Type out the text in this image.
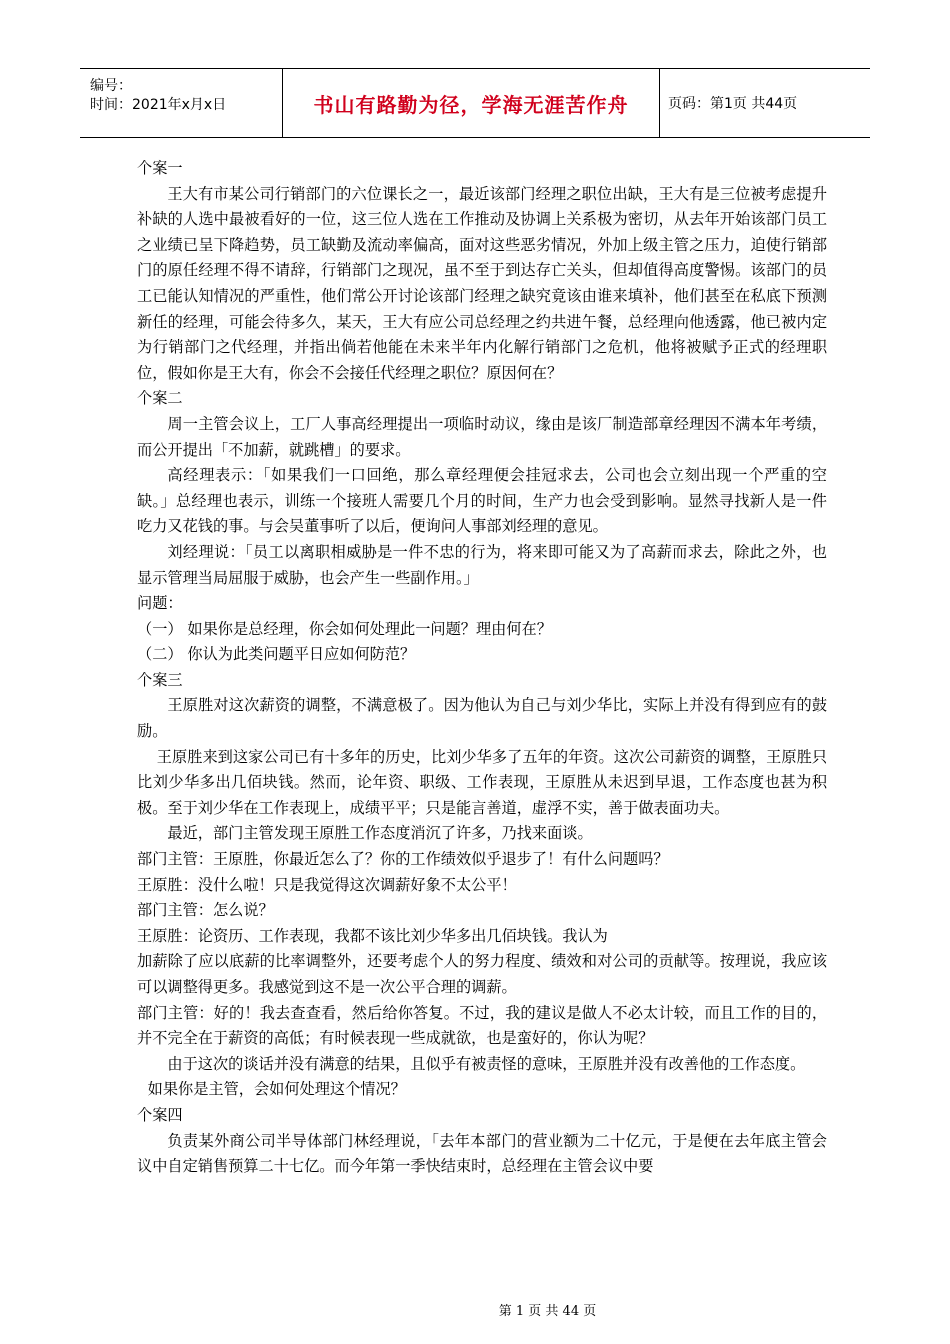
编号：
时间：2021年x月x日	书山有路勤为径，学海无涯苦作舟	页码：第1页 共44页

个案一

王大有市某公司行销部门的六位课长之一，最近该部门经理之职位出缺，王大有是三位被考虑提升补缺的人选中最被看好的一位，这三位人选在工作推动及协调上关系极为密切，从去年开始该部门员工之业绩已呈下降趋势，员工缺勤及流动率偏高，面对这些恶劣情况，外加上级主管之压力，迫使行销部门的原任经理不得不请辞，行销部门之现况，虽不至于到达存亡关头，但却值得高度警惕。该部门的员工已能认知情况的严重性，他们常公开讨论该部门经理之缺究竟该由谁来填补，他们甚至在私底下预测新任的经理，可能会待多久，某天，王大有应公司总经理之约共进午餐，总经理向他透露，他已被内定为行销部门之代经理，并指出倘若他能在未来半年内化解行销部门之危机，他将被赋予正式的经理职位，假如你是王大有，你会不会接任代经理之职位？原因何在？

个案二

周一主管会议上，工厂人事高经理提出一项临时动议，缘由是该厂制造部章经理因不满本年考绩，而公开提出「不加薪，就跳槽」的要求。

高经理表示：「如果我们一口回绝，那么章经理便会挂冠求去，公司也会立刻出现一个严重的空缺。」总经理也表示，训练一个接班人需要几个月的时间，生产力也会受到影响。显然寻找新人是一件吃力又花钱的事。与会吴董事听了以后，便询问人事部刘经理的意见。

刘经理说：「员工以离职相威胁是一件不忠的行为，将来即可能又为了高薪而求去，除此之外，也显示管理当局屈服于威胁，也会产生一些副作用。」

问题：

（一） 如果你是总经理，你会如何处理此一问题？理由何在？

（二） 你认为此类问题平日应如何防范？

个案三

王原胜对这次薪资的调整，不满意极了。因为他认为自己与刘少华比，实际上并没有得到应有的鼓励。

王原胜来到这家公司已有十多年的历史，比刘少华多了五年的年资。这次公司薪资的调整，王原胜只比刘少华多出几佰块钱。然而，论年资、职级、工作表现，王原胜从未迟到早退，工作态度也甚为积极。至于刘少华在工作表现上，成绩平平；只是能言善道，虚浮不实，善于做表面功夫。

最近，部门主管发现王原胜工作态度消沉了许多，乃找来面谈。

部门主管：王原胜，你最近怎么了？你的工作绩效似乎退步了！有什么问题吗？

王原胜：没什么啦！只是我觉得这次调薪好象不太公平！

部门主管：怎么说？

王原胜：论资历、工作表现，我都不该比刘少华多出几佰块钱。我认为

加薪除了应以底薪的比率调整外，还要考虑个人的努力程度、绩效和对公司的贡献等。按理说，我应该可以调整得更多。我感觉到这不是一次公平合理的调薪。

部门主管：好的！我去查查看，然后给你答复。不过，我的建议是做人不必太计较，而且工作的目的，并不完全在于薪资的高低；有时候表现一些成就欲，也是蛮好的，你认为呢？

由于这次的谈话并没有满意的结果，且似乎有被责怪的意味，王原胜并没有改善他的工作态度。

如果你是主管，会如何处理这个情况？

个案四

负责某外商公司半导体部门林经理说，「去年本部门的营业额为二十亿元，于是便在去年底主管会议中自定销售预算二十七亿。而今年第一季快结束时，总经理在主管会议中要

第 1 页 共 44 页
